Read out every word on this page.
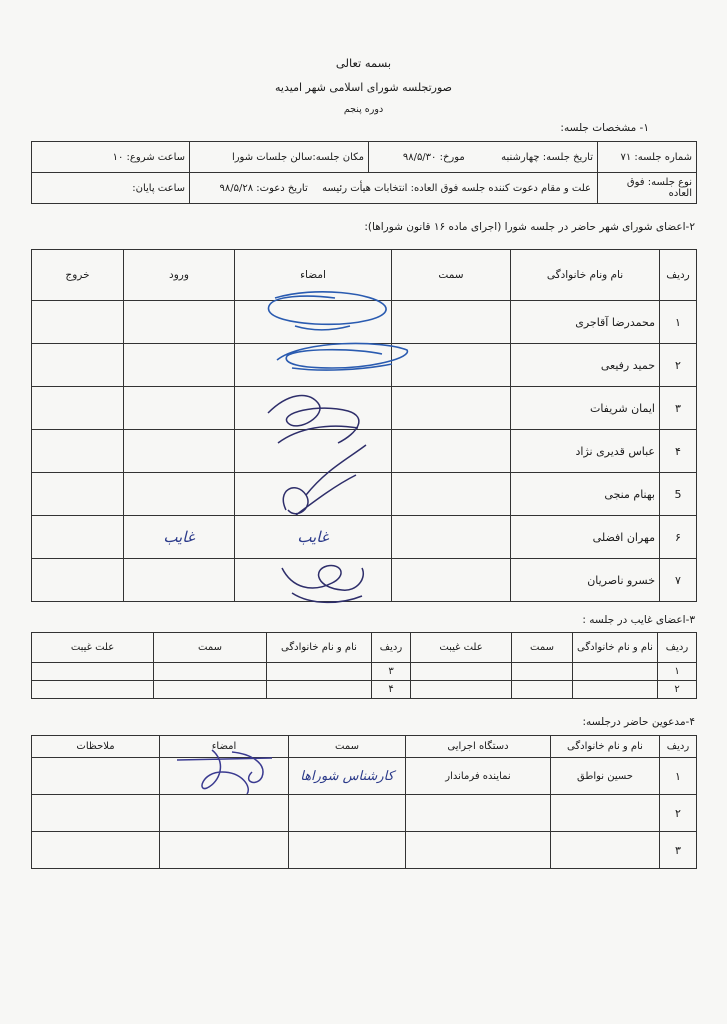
بسمه تعالی
صورتجلسه شورای اسلامی شهر امیدیه
دوره پنجم
۱- مشخصات جلسه:
شماره جلسه: ۷۱	تاریخ جلسه: چهارشنبه  مورخ: ۹۸/۵/۳۰	مکان جلسه:سالن جلسات شورا	ساعت شروع: ۱۰
نوع جلسه: فوق العاده	علت و مقام دعوت کننده جلسه فوق العاده: انتخابات هیأت رئیسه  تاریخ دعوت: ۹۸/۵/۲۸		ساعت پایان:
۲-اعضای شورای شهر حاضر در جلسه شورا (اجرای ماده ۱۶ قانون شوراها):
ردیف	نام ونام خانوادگی	سمت	امضاء	ورود	خروج
۱	محمدرضا آقاجری				
۲	حمید رفیعی				
۳	ایمان شریفات				
۴	عباس قدیری نژاد				
5	بهنام منجی				
۶	مهران افضلی		غایب	غایب	
۷	خسرو ناصریان				
۳-اعضای غایب در جلسه :
ردیف	نام و نام خانوادگی	سمت	علت غیبت	ردیف	نام و نام خانوادگی	سمت	علت غیبت
۱				۳			
۲				۴			
۴-مدعوین حاضر درجلسه:
ردیف	نام و نام خانوادگی	دستگاه اجرایی	سمت	امضاء	ملاحظات
۱	حسین نواطق	نماینده فرماندار	کارشناس شوراها		
۲					
۳					
